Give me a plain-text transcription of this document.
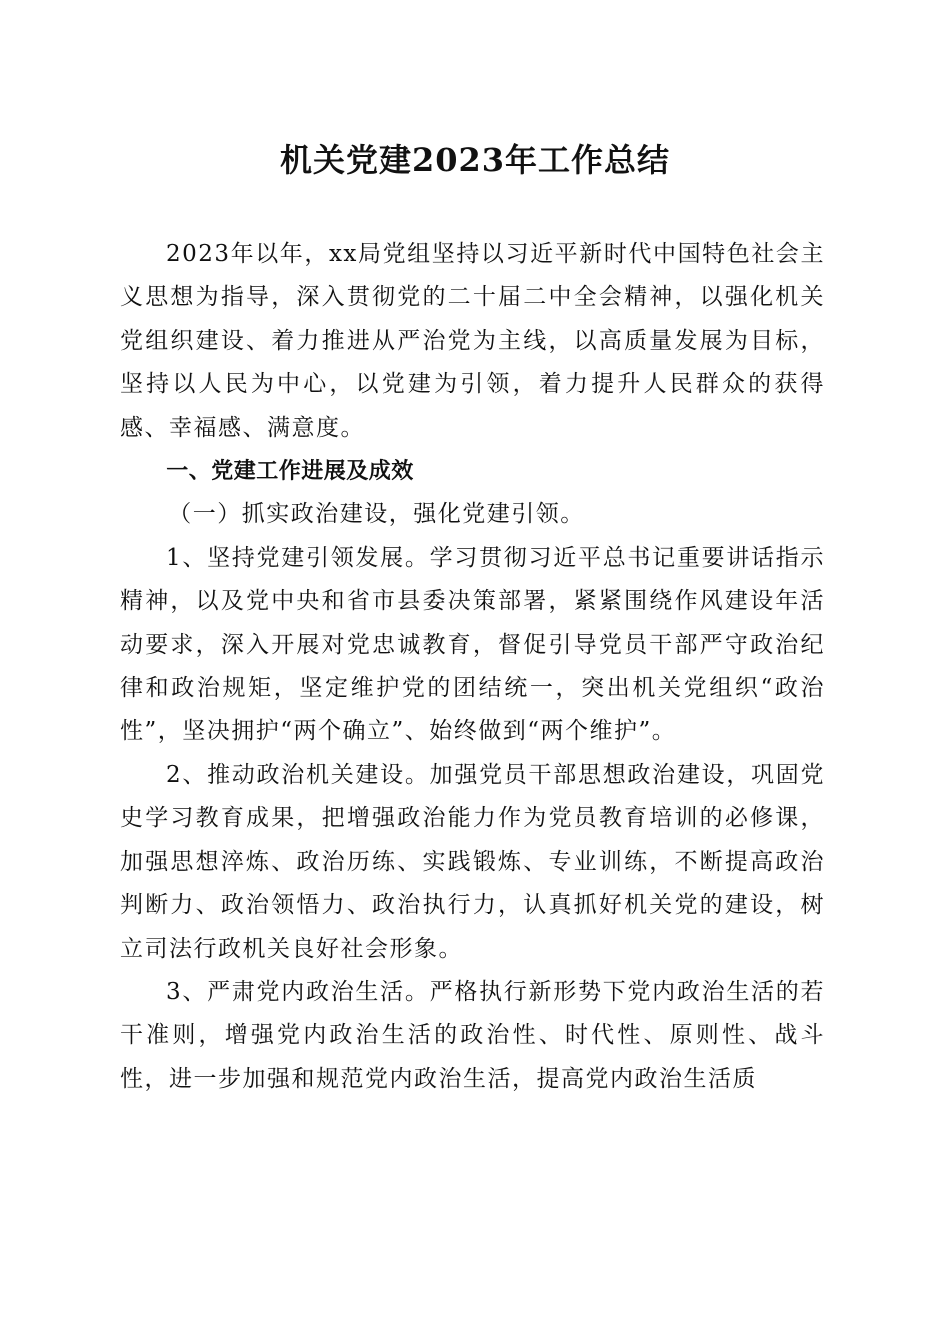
机关党建2023年工作总结

2023年以年，xx局党组坚持以习近平新时代中国特色社会主义思想为指导，深入贯彻党的二十届二中全会精神，以强化机关党组织建设、着力推进从严治党为主线，以高质量发展为目标，坚持以人民为中心，以党建为引领，着力提升人民群众的获得感、幸福感、满意度。

一、党建工作进展及成效

（一）抓实政治建设，强化党建引领。

1、坚持党建引领发展。学习贯彻习近平总书记重要讲话指示精神，以及党中央和省市县委决策部署，紧紧围绕作风建设年活动要求，深入开展对党忠诚教育，督促引导党员干部严守政治纪律和政治规矩，坚定维护党的团结统一，突出机关党组织“政治性”，坚决拥护“两个确立”、始终做到“两个维护”。

2、推动政治机关建设。加强党员干部思想政治建设，巩固党史学习教育成果，把增强政治能力作为党员教育培训的必修课，加强思想淬炼、政治历练、实践锻炼、专业训练，不断提高政治判断力、政治领悟力、政治执行力，认真抓好机关党的建设，树立司法行政机关良好社会形象。

3、严肃党内政治生活。严格执行新形势下党内政治生活的若干准则，增强党内政治生活的政治性、时代性、原则性、战斗性，进一步加强和规范党内政治生活，提高党内政治生活质
